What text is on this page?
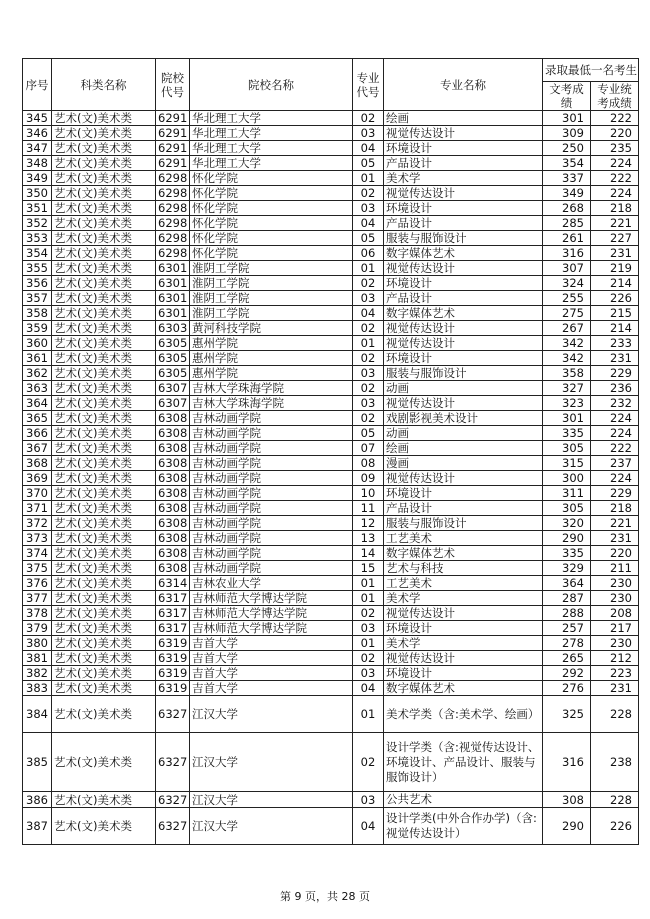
序号	科类名称	院校代号	院校名称	专业代号	专业名称	录取最低一名考生	
						文考成绩	专业统考成绩
345	艺术(文)美术类	6291	华北理工大学	02	绘画	301	222
346	艺术(文)美术类	6291	华北理工大学	03	视觉传达设计	309	220
347	艺术(文)美术类	6291	华北理工大学	04	环境设计	250	235
348	艺术(文)美术类	6291	华北理工大学	05	产品设计	354	224
349	艺术(文)美术类	6298	怀化学院	01	美术学	337	222
350	艺术(文)美术类	6298	怀化学院	02	视觉传达设计	349	224
351	艺术(文)美术类	6298	怀化学院	03	环境设计	268	218
352	艺术(文)美术类	6298	怀化学院	04	产品设计	285	221
353	艺术(文)美术类	6298	怀化学院	05	服装与服饰设计	261	227
354	艺术(文)美术类	6298	怀化学院	06	数字媒体艺术	316	231
355	艺术(文)美术类	6301	淮阴工学院	01	视觉传达设计	307	219
356	艺术(文)美术类	6301	淮阴工学院	02	环境设计	324	214
357	艺术(文)美术类	6301	淮阴工学院	03	产品设计	255	226
358	艺术(文)美术类	6301	淮阴工学院	04	数字媒体艺术	275	215
359	艺术(文)美术类	6303	黄河科技学院	02	视觉传达设计	267	214
360	艺术(文)美术类	6305	惠州学院	01	视觉传达设计	342	233
361	艺术(文)美术类	6305	惠州学院	02	环境设计	342	231
362	艺术(文)美术类	6305	惠州学院	03	服装与服饰设计	358	229
363	艺术(文)美术类	6307	吉林大学珠海学院	02	动画	327	236
364	艺术(文)美术类	6307	吉林大学珠海学院	03	视觉传达设计	323	232
365	艺术(文)美术类	6308	吉林动画学院	02	戏剧影视美术设计	301	224
366	艺术(文)美术类	6308	吉林动画学院	05	动画	335	224
367	艺术(文)美术类	6308	吉林动画学院	07	绘画	305	222
368	艺术(文)美术类	6308	吉林动画学院	08	漫画	315	237
369	艺术(文)美术类	6308	吉林动画学院	09	视觉传达设计	300	224
370	艺术(文)美术类	6308	吉林动画学院	10	环境设计	311	229
371	艺术(文)美术类	6308	吉林动画学院	11	产品设计	305	218
372	艺术(文)美术类	6308	吉林动画学院	12	服装与服饰设计	320	221
373	艺术(文)美术类	6308	吉林动画学院	13	工艺美术	290	231
374	艺术(文)美术类	6308	吉林动画学院	14	数字媒体艺术	335	220
375	艺术(文)美术类	6308	吉林动画学院	15	艺术与科技	329	211
376	艺术(文)美术类	6314	吉林农业大学	01	工艺美术	364	230
377	艺术(文)美术类	6317	吉林师范大学博达学院	01	美术学	287	230
378	艺术(文)美术类	6317	吉林师范大学博达学院	02	视觉传达设计	288	208
379	艺术(文)美术类	6317	吉林师范大学博达学院	03	环境设计	257	217
380	艺术(文)美术类	6319	吉首大学	01	美术学	278	230
381	艺术(文)美术类	6319	吉首大学	02	视觉传达设计	265	212
382	艺术(文)美术类	6319	吉首大学	03	环境设计	292	223
383	艺术(文)美术类	6319	吉首大学	04	数字媒体艺术	276	231
384	艺术(文)美术类	6327	江汉大学	01	美术学类（含:美术学、绘画）	325	228
385	艺术(文)美术类	6327	江汉大学	02	设计学类（含:视觉传达设计、环境设计、产品设计、服装与服饰设计）	316	238
386	艺术(文)美术类	6327	江汉大学	03	公共艺术	308	228
387	艺术(文)美术类	6327	江汉大学	04	设计学类(中外合作办学)（含:视觉传达设计）	290	226
第 9 页，共 28 页
